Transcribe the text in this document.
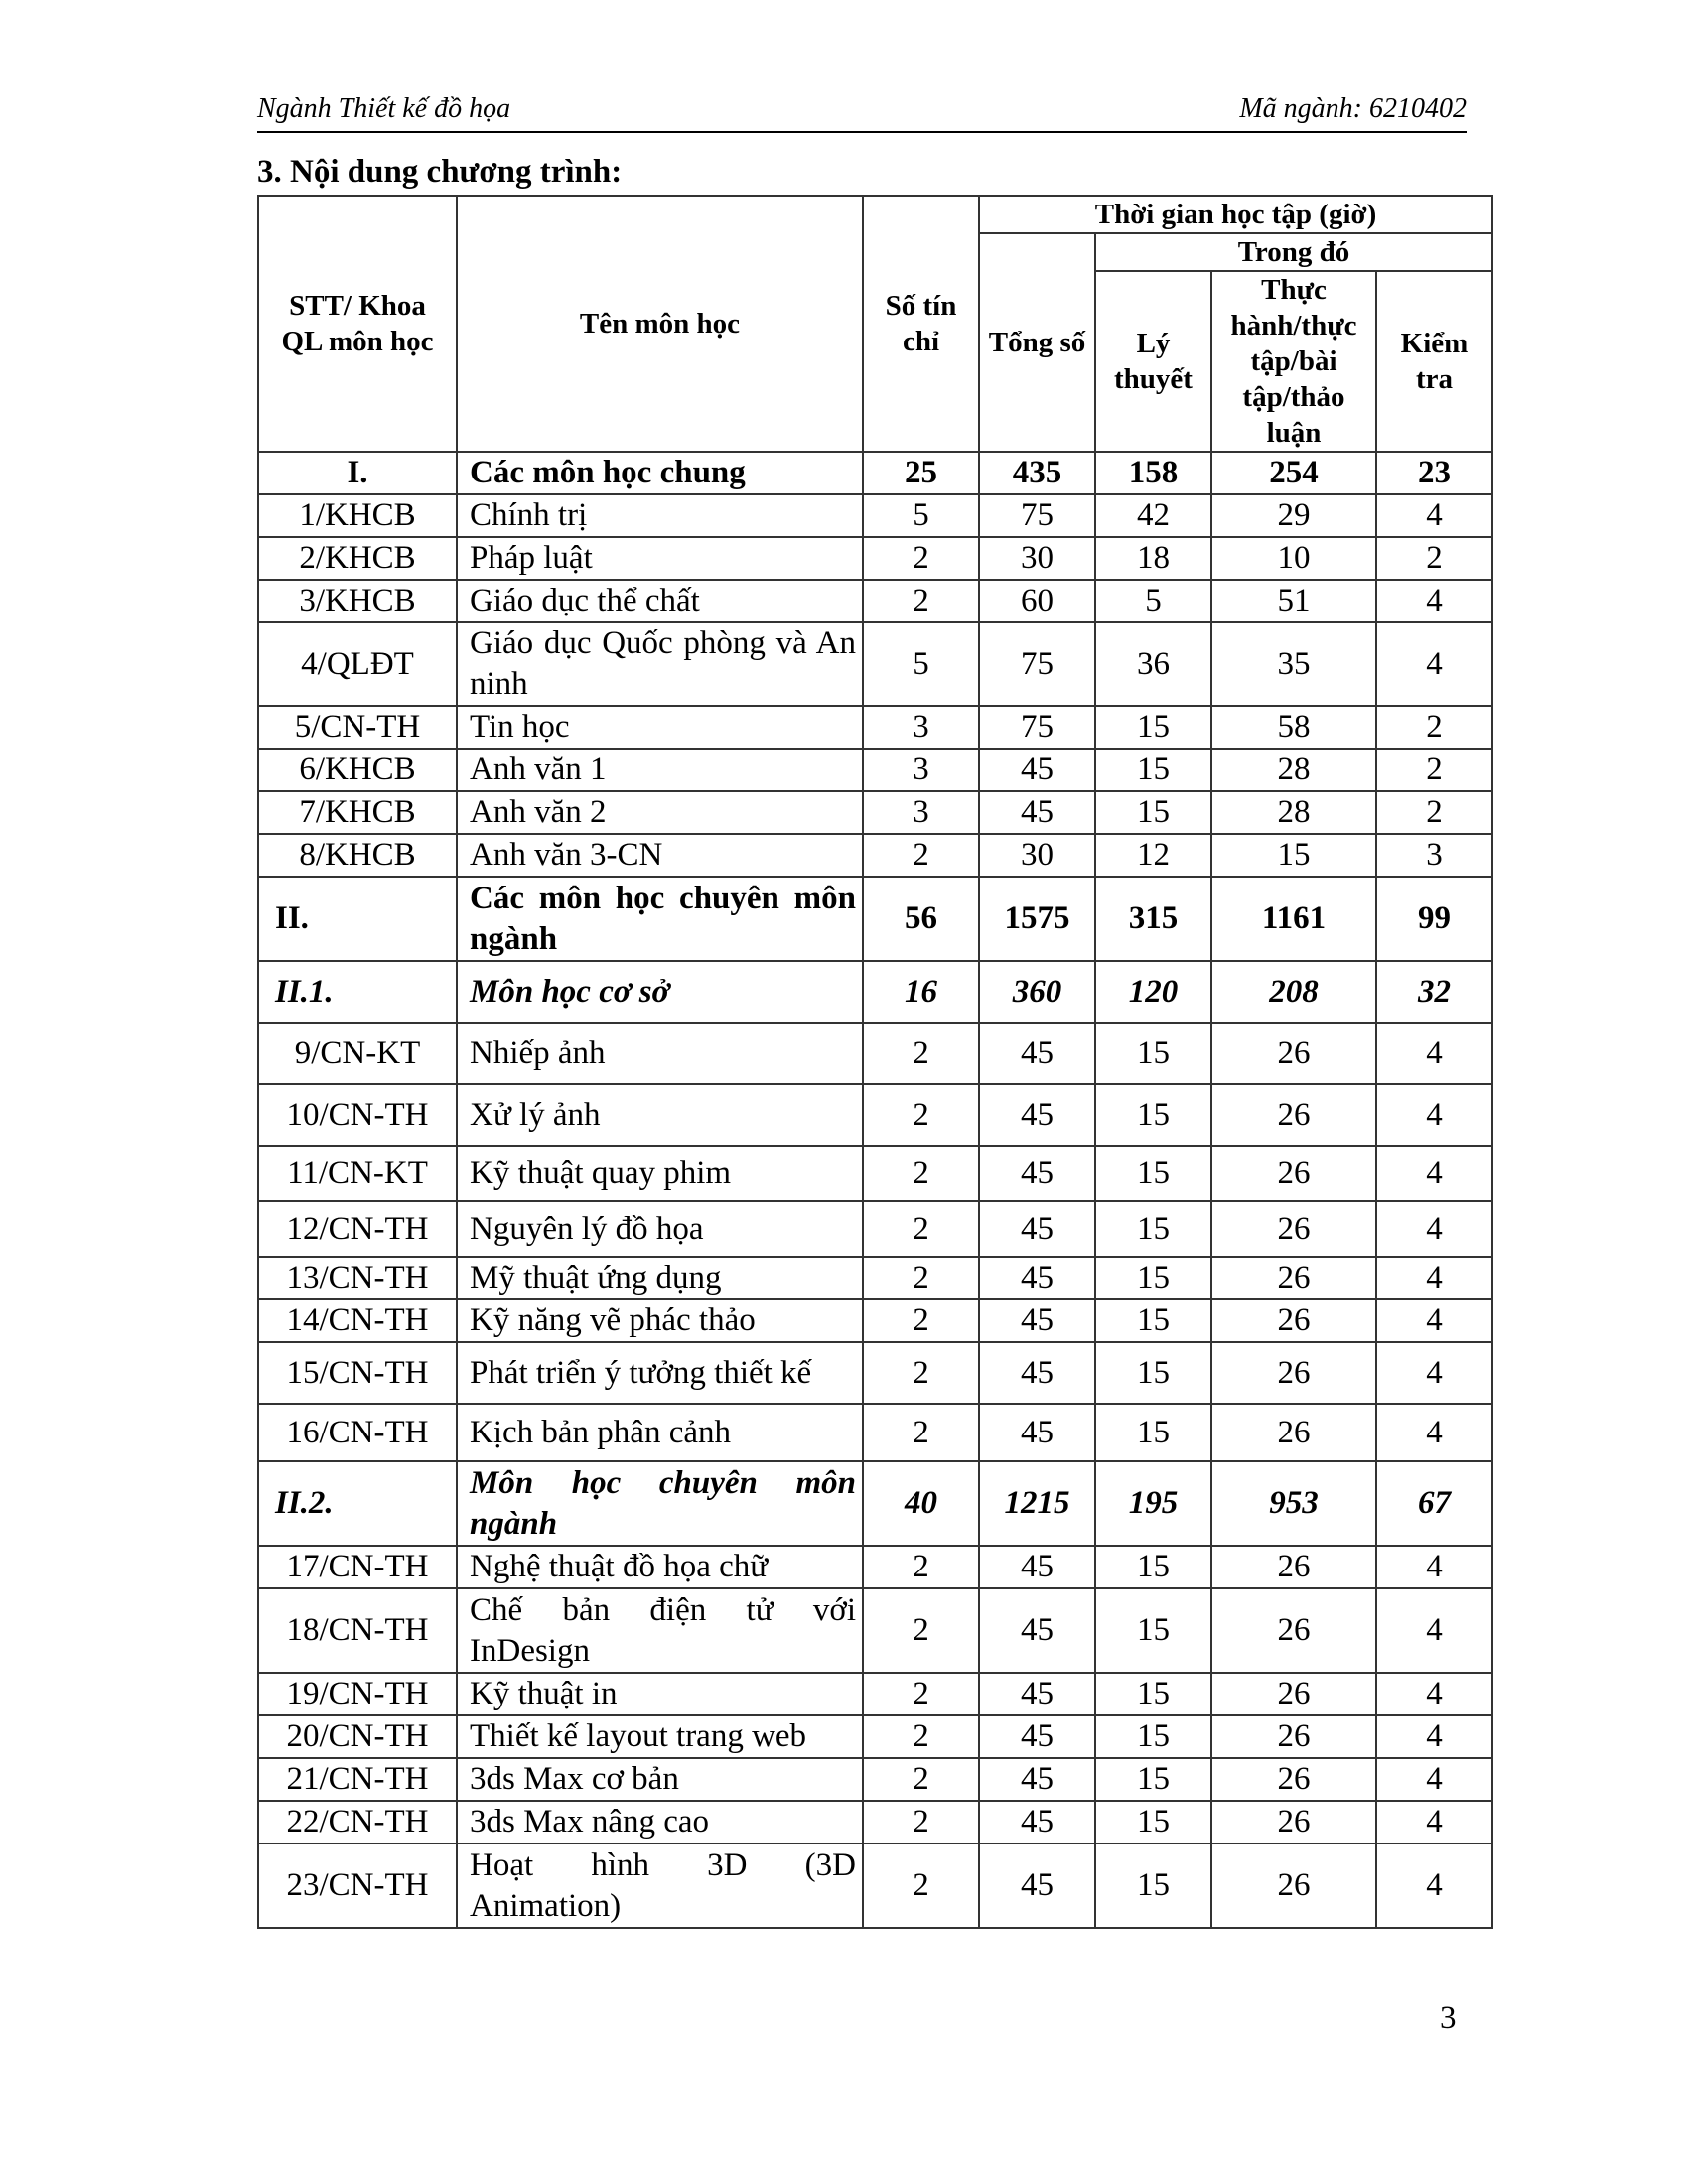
Ngành Thiết kế đồ họa	Mã ngành: 6210402
3. Nội dung chương trình:
STT/ Khoa QL môn học	Tên môn học	Số tín chỉ	Thời gian học tập (giờ)			
			Tổng số	Trong đó		
				Lý thuyết	Thực hành/thực tập/bài tập/thảo luận	Kiểm tra
I.	Các môn học chung	25	435	158	254	23
1/KHCB	Chính trị	5	75	42	29	4
2/KHCB	Pháp luật	2	30	18	10	2
3/KHCB	Giáo dục thể chất	2	60	5	51	4
4/QLĐT	Giáo dục Quốc phòng và An ninh	5	75	36	35	4
5/CN-TH	Tin học	3	75	15	58	2
6/KHCB	Anh văn 1	3	45	15	28	2
7/KHCB	Anh văn 2	3	45	15	28	2
8/KHCB	Anh văn 3-CN	2	30	12	15	3
II.	Các môn học chuyên môn ngành	56	1575	315	1161	99
II.1.	Môn học cơ sở	16	360	120	208	32
9/CN-KT	Nhiếp ảnh	2	45	15	26	4
10/CN-TH	Xử lý ảnh	2	45	15	26	4
11/CN-KT	Kỹ thuật quay phim	2	45	15	26	4
12/CN-TH	Nguyên lý đồ họa	2	45	15	26	4
13/CN-TH	Mỹ thuật ứng dụng	2	45	15	26	4
14/CN-TH	Kỹ năng vẽ phác thảo	2	45	15	26	4
15/CN-TH	Phát triển ý tưởng thiết kế	2	45	15	26	4
16/CN-TH	Kịch bản phân cảnh	2	45	15	26	4
II.2.	Môn học chuyên môn ngành	40	1215	195	953	67
17/CN-TH	Nghệ thuật đồ họa chữ	2	45	15	26	4
18/CN-TH	Chế bản điện tử với InDesign	2	45	15	26	4
19/CN-TH	Kỹ thuật in	2	45	15	26	4
20/CN-TH	Thiết kế layout trang web	2	45	15	26	4
21/CN-TH	3ds Max cơ bản	2	45	15	26	4
22/CN-TH	3ds Max nâng cao	2	45	15	26	4
23/CN-TH	Hoạt hình 3D (3D Animation)	2	45	15	26	4
3
